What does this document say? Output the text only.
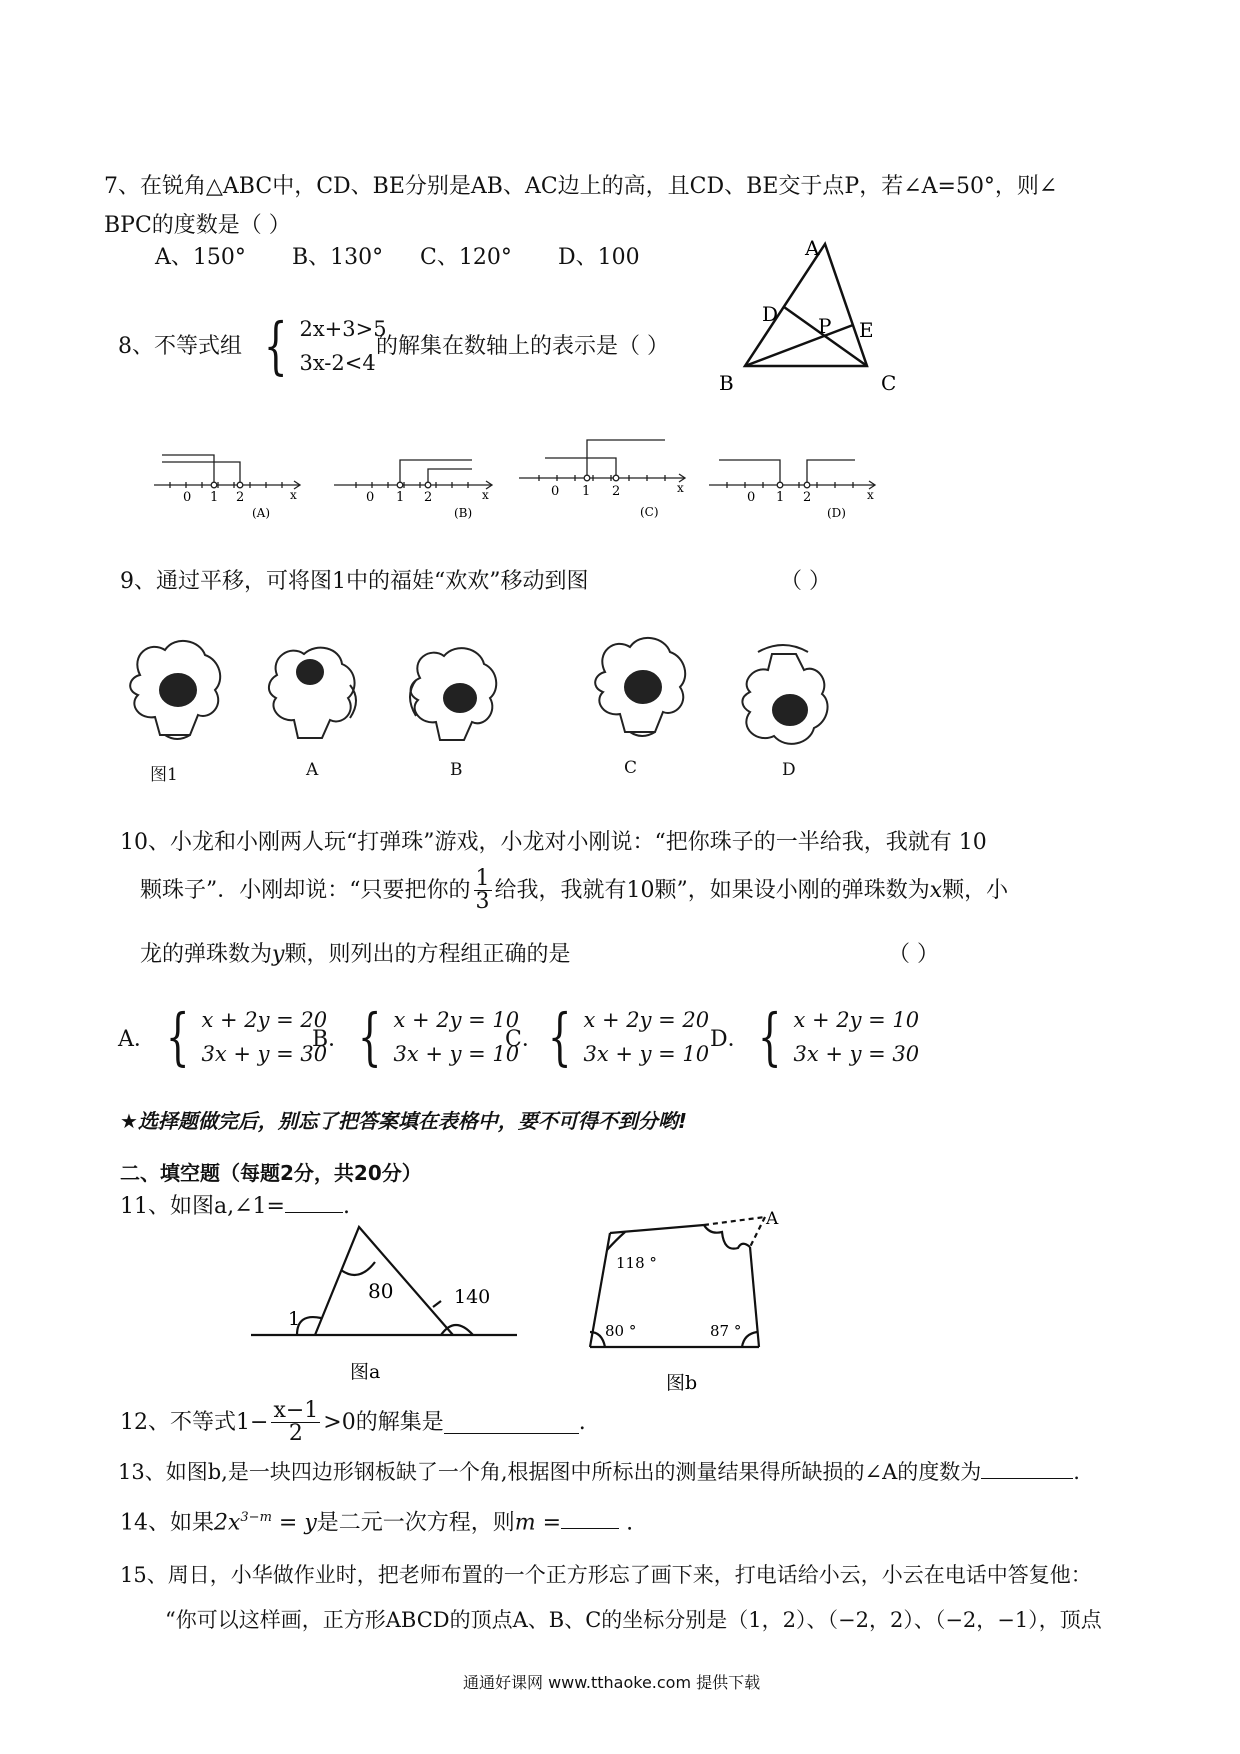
7、在锐角△ABC中，CD、BE分别是AB、AC边上的高，且CD、BE交于点P，若∠A=50°，则∠
BPC的度数是（ ）
A、150° B、130° C、120° D、100	A
D P E
B	C
8、不等式组 { 2x+3>5
3x-2<4
的解集在数轴上的表示是（ ）
0 1 2	x
(A)
0 1 2	x
(B)
0 1 2	x
(C)
0 1 2	x
(D)
9、通过平移，可将图1中的福娃“欢欢”移动到图	（ ）
图1	A	B	C	D
10、小龙和小刚两人玩“打弹珠”游戏，小龙对小刚说：“把你珠子的一半给我，我就有 10
颗珠子”．小刚却说：“只要把你的 $\frac{1}{3}$ 给我，我就有10颗”，如果设小刚的弹珠数为 x 颗，小
龙的弹珠数为y颗，则列出的方程组正确的是	（ ）
A． { x + 2y = 20
3x + y = 30
B． { x + 2y = 10
3x + y = 10
C． { x + 2y = 20
3x + y = 10
D． { x + 2y = 10
3x + y = 30
★选择题做完后，别忘了把答案填在表格中，要不可得不到分哟!
二、填空题（每题2分，共20分）
11、如图a,∠1=	.
80	140
1
图a
A
118 °
80 °	87 °
图b
12、不等式 $1- \frac{x-1}{2} >0$的解集是	.
13、如图b,是一块四边形钢板缺了一个角,根据图中所标出的测量结果得所缺损的∠A的度数为	.
14、如果$2x^{3-m} = y$是二元一次方程，则m =	.
15、周日，小华做作业时，把老师布置的一个正方形忘了画下来，打电话给小云，小云在电话中答复他：
“你可以这样画，正方形ABCD的顶点A、B、C的坐标分别是（1，2）、（−2，2）、（−2，−1），顶点
通通好课网 www.tthaoke.com 提供下载
